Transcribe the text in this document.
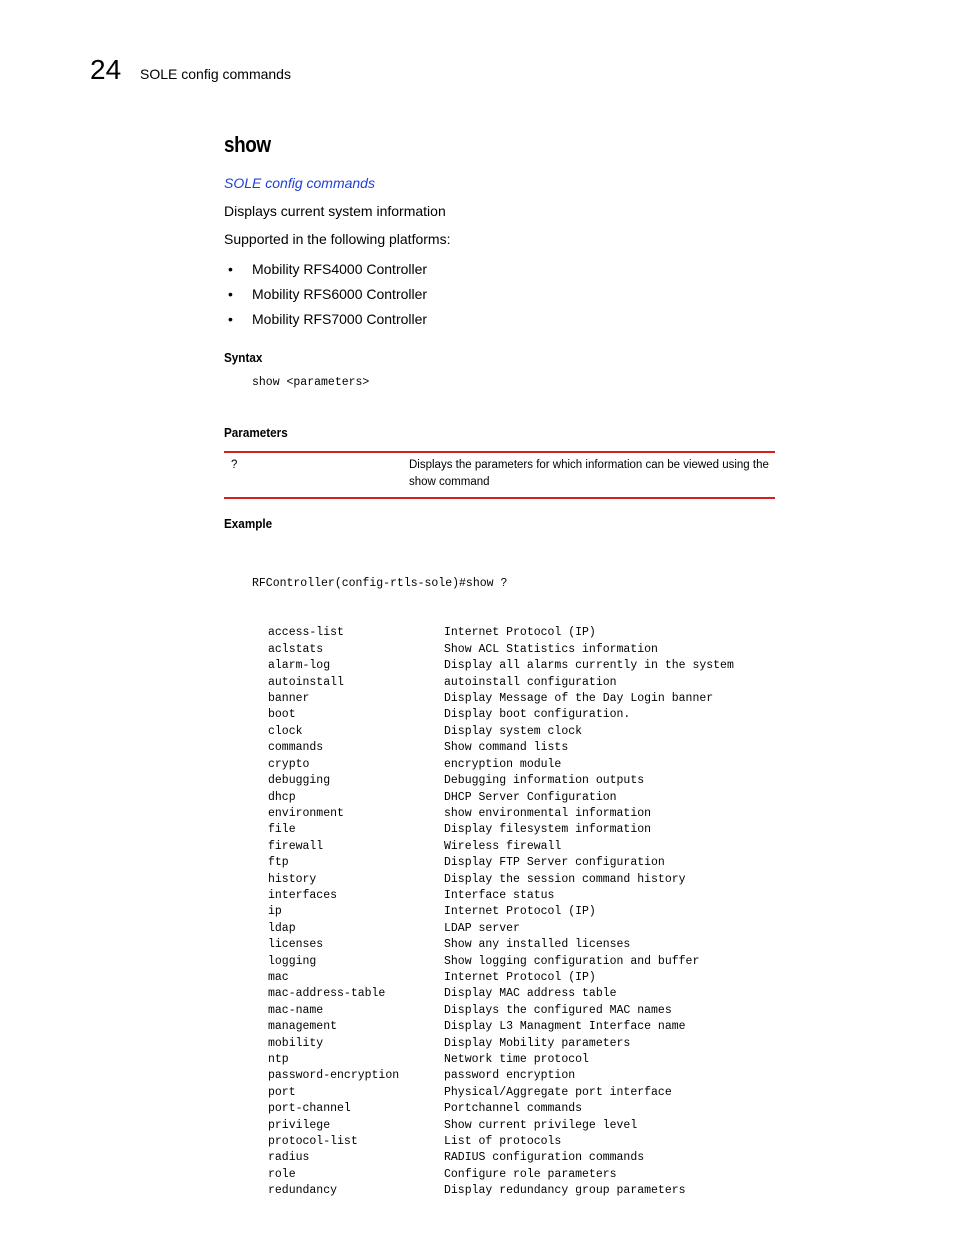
24 SOLE config commands
show
SOLE config commands
Displays current system information
Supported in the following platforms:
• Mobility RFS4000 Controller
• Mobility RFS6000 Controller
• Mobility RFS7000 Controller
Syntax
show <parameters>
Parameters
?	Displays the parameters for which information can be viewed using the show command
Example

RFController(config-rtls-sole)#show ?

access-list	Internet Protocol (IP)
aclstats	Show ACL Statistics information
alarm-log	Display all alarms currently in the system
autoinstall	autoinstall configuration
banner	Display Message of the Day Login banner
boot	Display boot configuration.
clock	Display system clock
commands	Show command lists
crypto	encryption module
debugging	Debugging information outputs
dhcp	DHCP Server Configuration
environment	show environmental information
file	Display filesystem information
firewall	Wireless firewall
ftp	Display FTP Server configuration
history	Display the session command history
interfaces	Interface status
ip	Internet Protocol (IP)
ldap	LDAP server
licenses	Show any installed licenses
logging	Show logging configuration and buffer
mac	Internet Protocol (IP)
mac-address-table	Display MAC address table
mac-name	Displays the configured MAC names
management	Display L3 Managment Interface name
mobility	Display Mobility parameters
ntp	Network time protocol
password-encryption	password encryption
port	Physical/Aggregate port interface
port-channel	Portchannel commands
privilege	Show current privilege level
protocol-list	List of protocols
radius	RADIUS configuration commands
role	Configure role parameters
redundancy	Display redundancy group parameters
